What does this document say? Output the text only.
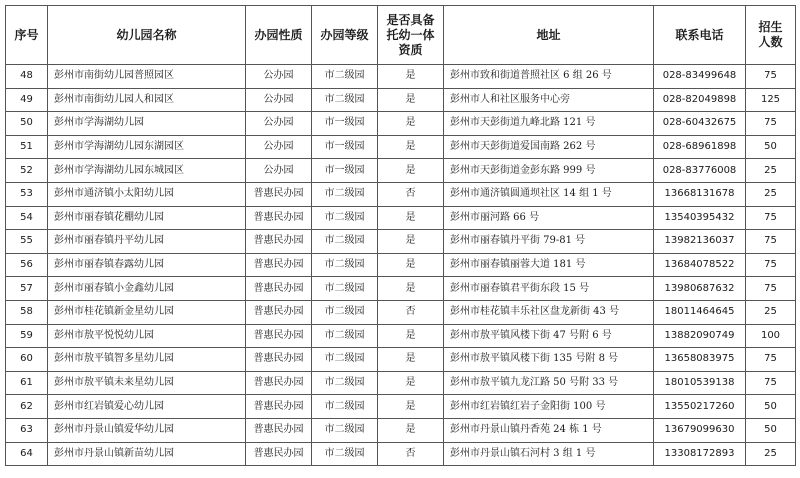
序号	幼儿园名称	办园性质	办园等级	是否具备托幼一体资质	地址	联系电话	招生人数
48	彭州市南街幼儿园普照园区	公办园	市二级园	是	彭州市致和街道普照社区 6 组 26 号	028-83499648	75
49	彭州市南街幼儿园人和园区	公办园	市二级园	是	彭州市人和社区服务中心旁	028-82049898	125
50	彭州市学海湖幼儿园	公办园	市一级园	是	彭州市天彭街道九峰北路 121 号	028-60432675	75
51	彭州市学海湖幼儿园东湖园区	公办园	市一级园	是	彭州市天彭街道爱国南路 262 号	028-68961898	50
52	彭州市学海湖幼儿园东城园区	公办园	市一级园	是	彭州市天彭街道金彭东路 999 号	028-83776008	25
53	彭州市通济镇小太阳幼儿园	普惠民办园	市二级园	否	彭州市通济镇圆通坝社区 14 组 1 号	13668131678	25
54	彭州市丽春镇花棚幼儿园	普惠民办园	市二级园	是	彭州市丽河路 66 号	13540395432	75
55	彭州市丽春镇丹平幼儿园	普惠民办园	市二级园	是	彭州市丽春镇丹平街 79-81 号	13982136037	75
56	彭州市丽春镇春露幼儿园	普惠民办园	市二级园	是	彭州市丽春镇丽蓉大道 181 号	13684078522	75
57	彭州市丽春镇小金鑫幼儿园	普惠民办园	市二级园	是	彭州市丽春镇君平街东段 15 号	13980687632	75
58	彭州市桂花镇新金星幼儿园	普惠民办园	市二级园	否	彭州市桂花镇丰乐社区盘龙新街 43 号	18011464645	25
59	彭州市敖平悦悦幼儿园	普惠民办园	市二级园	是	彭州市敖平镇风楼下街 47 号附 6 号	13882090749	100
60	彭州市敖平镇智多星幼儿园	普惠民办园	市二级园	是	彭州市敖平镇风楼下街 135 号附 8 号	13658083975	75
61	彭州市敖平镇未来星幼儿园	普惠民办园	市二级园	是	彭州市敖平镇九龙江路 50 号附 33 号	18010539138	75
62	彭州市红岩镇爱心幼儿园	普惠民办园	市二级园	是	彭州市红岩镇红岩子金阳街 100 号	13550217260	50
63	彭州市丹景山镇爱华幼儿园	普惠民办园	市二级园	是	彭州市丹景山镇丹香苑 24 栋 1 号	13679099630	50
64	彭州市丹景山镇新苗幼儿园	普惠民办园	市二级园	否	彭州市丹景山镇石河村 3 组 1 号	13308172893	25
